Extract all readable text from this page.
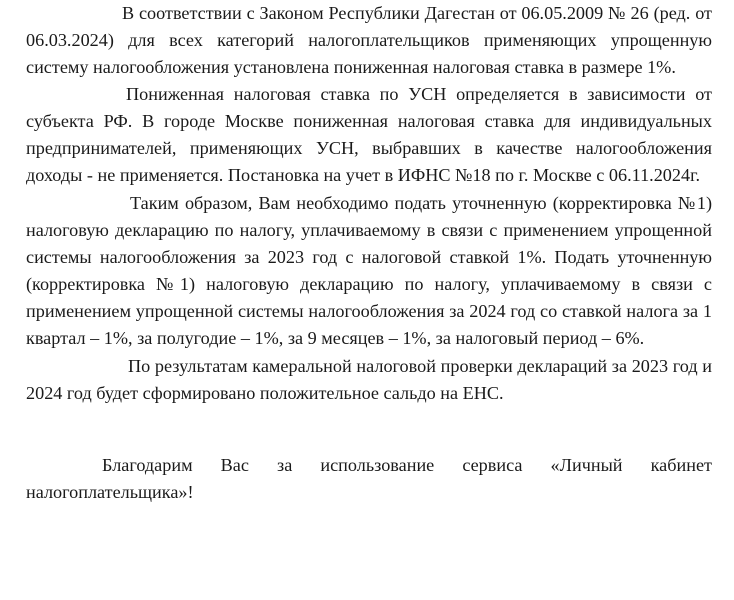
В соответствии с Законом Республики Дагестан от 06.05.2009 № 26 (ред. от 06.03.2024) для всех категорий налогоплательщиков применяющих упрощенную систему налогообложения установлена пониженная налоговая ставка в размере 1%.

Пониженная налоговая ставка по УСН определяется в зависимости от субъекта РФ. В городе Москве пониженная налоговая ставка для индивидуальных предпринимателей, применяющих УСН, выбравших в качестве налогообложения доходы - не применяется. Постановка на учет в ИФНС №18 по г. Москве с 06.11.2024г.

Таким образом, Вам необходимо подать уточненную (корректировка №1) налоговую декларацию по налогу, уплачиваемому в связи с применением упрощенной системы налогообложения за 2023 год с налоговой ставкой 1%. Подать уточненную (корректировка №1) налоговую декларацию по налогу, уплачиваемому в связи с применением упрощенной системы налогообложения за 2024 год со ставкой налога за 1 квартал – 1%, за полугодие – 1%, за 9 месяцев – 1%, за налоговый период – 6%.

По результатам камеральной налоговой проверки деклараций за 2023 год и 2024 год будет сформировано положительное сальдо на ЕНС.

Благодарим Вас за использование сервиса «Личный кабинет налогоплательщика»!
